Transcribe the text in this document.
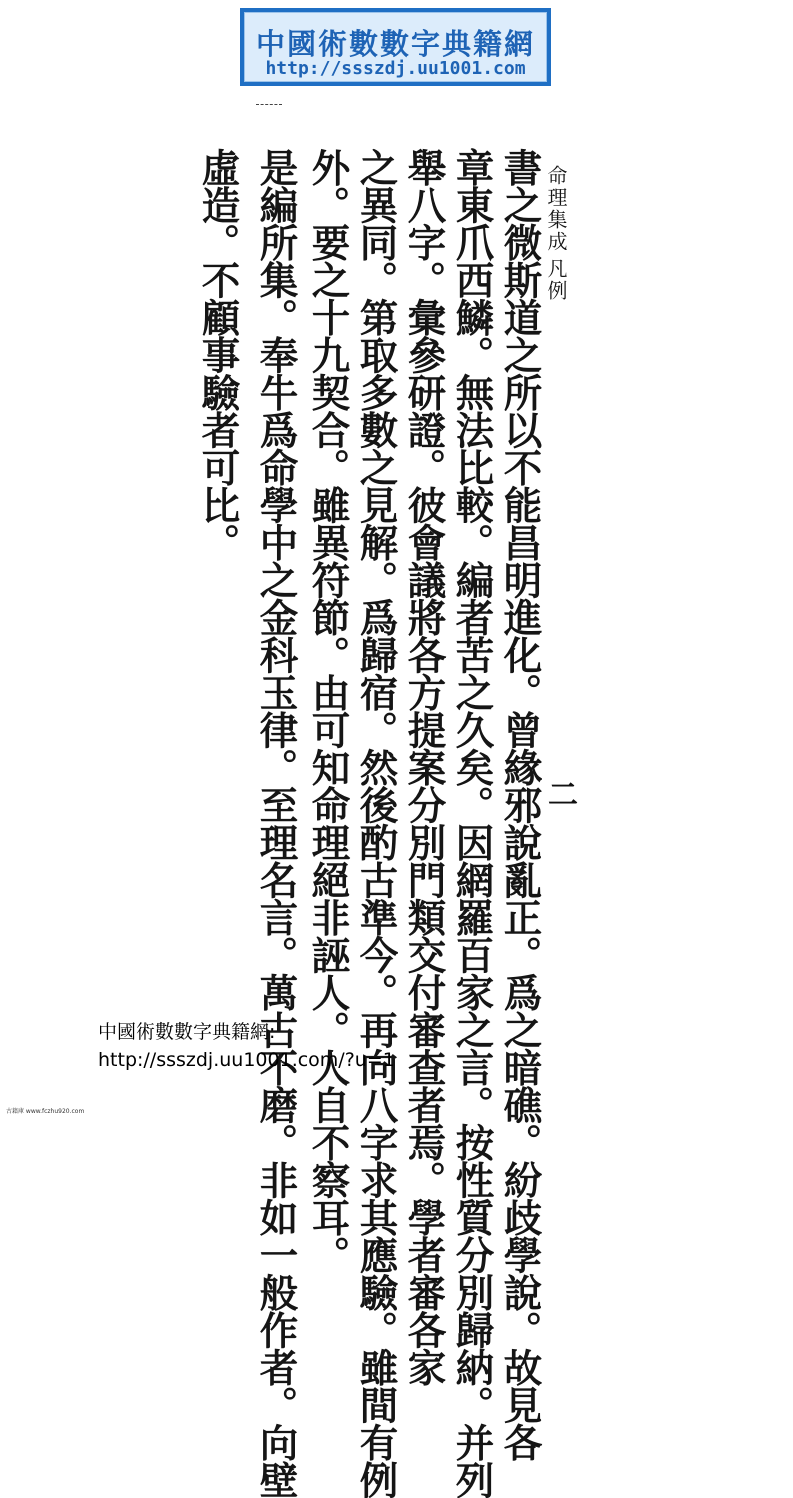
中國術數數字典籍網
http://ssszdj.uu1001.com
命理集成
凡例
二
書之微斯道之所以不能昌明進化。曾緣邪說亂正。爲之暗礁。紛歧學說。故見各
章東爪西鱗。無法比較。編者苦之久矣。因網羅百家之言。按性質分別歸納。并列
舉八字。彙參研證。彼會議將各方提案分別門類交付審查者焉。學者審各家
之異同。第取多數之見解。爲歸宿。然後酌古準今。再向八字求其應驗。雖間有例
外。要之十九契合。雖異符節。由可知命理絕非誣人。人自不察耳。
是編所集。奉牛爲命學中之金科玉律。至理名言。萬古不磨。非如一般作者。向壁
虛造。不顧事驗者可比。
中國術數數字典籍網:
http://ssszdj.uu1001.com/?u=1
古籍庫 www.fczhu920.com
